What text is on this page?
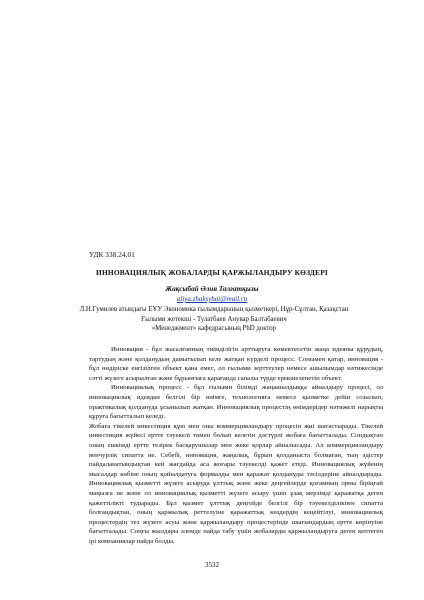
УДК 338.24.01
ИННОВАЦИЯЛЫҚ ЖОБАЛАРДЫ ҚАРЖЫЛАНДЫРУ КӨЗДЕРІ
Жақсыбай Әлия Талғатқызы
aliya.zhaksybai@mail.ru
Л.Н.Гумилев атындағы ЕҰУ Экономика ғылымдарының қызметкері, Нұр-Сұлтан, Қазақстан
Ғылыми жетекші - Тулатбаев Анувар Балтабаевич
«Менеджмент» кафедрасының PhD доктор

Инновация - бұл жасалғанның тиімділігін арттыруға көмектесетін жаңа идеяны құрудың, тартудың және қолданудың дамытылып келе жатқан күрделі процесс. Сонымен қатар, инновация - бұл өндіріске енгізілген объект қана емес, ол ғылыми зерттеулер немесе ашылымдар нәтижесінде сәтті жүзеге асырылған және бұрынғыға қарағанда сапалы түрде ерекшеленетін объект.

Инновациялық процесс - бұл ғылыми білімді жаңашылдыққа айналдыру процесі, ол инновациялық идеядан белгілі бір өнімге, технологияға немесе қызметке дейін созылып, практикалық қолдануда ұсынылып жатқан. Инновациялық процестің өнімдерідер нәтижелі нарықты құруға бағытталып келеді.

Жобаға тікелей инвестиция құю мен оны коммерцияландыру процесін жиі шатастырады. Тікелей инвестиция жүйесі ертте тәуекелі төмен болып келетін дәстүрлі жобаға бағытталады. Сондықтан оның ешкімді ертте тезірек басқарушылар мен жеке қорлар айналысады. Ал коммерцияландыру венчурлік сипатта ие. Себебі, инновация, жаңалық, бұрын қолданыста болмаған, тың әдістер пайдаланатындықтан кей жағдайда аса жоғары тәуекелді қажет етеді. Инновациялық жүйенің мысалдар көбіне оның қойылдатуға формалды мен қаражат қолдануды тәсілдеріне айналдырады. Инновациялық қызметті жүзеге асыруда ұлттық және жеке деңгейлерде қоғамның орны біріңғай маңызға ие және ол инновациялық қызметті жүзеге асыру үшін ұзақ мерзімді қаражатқа деген қажеттілікті тудырады. Бұл қызмет ұлттық деңгейде белгілі бір тәуекелділікпен сипатта болғандықтан, оның қаржылық реттелуіне қаражаттық көздердің кеңейтілуі, инновациялық процестердің тез жүзеге асуы және қаржыландыру процестерінде шығындардың ертте көрінуіне бағытталады. Соңғы жылдары әлемде пайда табу үшін жобаларды қаржыландыруға деген кептеген ірі компаниялар пайда болды.

3532
